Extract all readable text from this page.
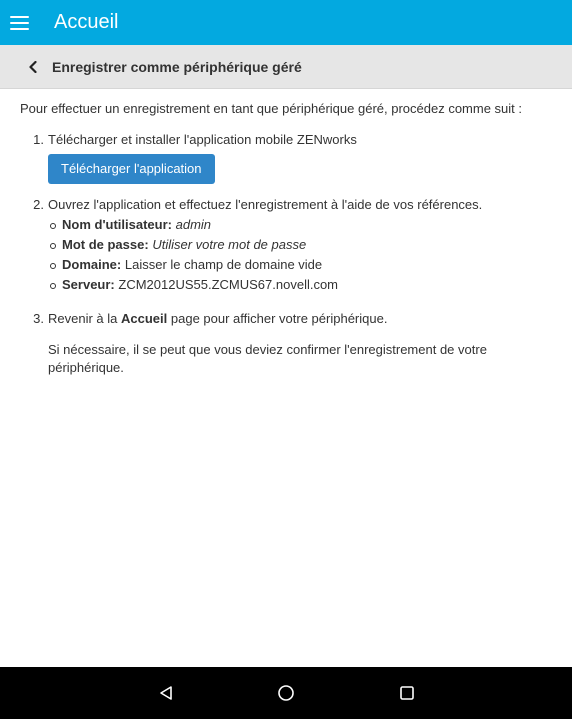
Accueil
Enregistrer comme périphérique géré

Pour effectuer un enregistrement en tant que périphérique géré, procédez comme suit :

1. Télécharger et installer l'application mobile ZENworks
Télécharger l'application
2. Ouvrez l'application et effectuez l'enregistrement à l'aide de vos références.
Nom d'utilisateur: admin
Mot de passe: Utiliser votre mot de passe
Domaine: Laisser le champ de domaine vide
Serveur: ZCM2012US55.ZCMUS67.novell.com
3. Revenir à la Accueil page pour afficher votre périphérique.

Si nécessaire, il se peut que vous deviez confirmer l'enregistrement de votre périphérique.
